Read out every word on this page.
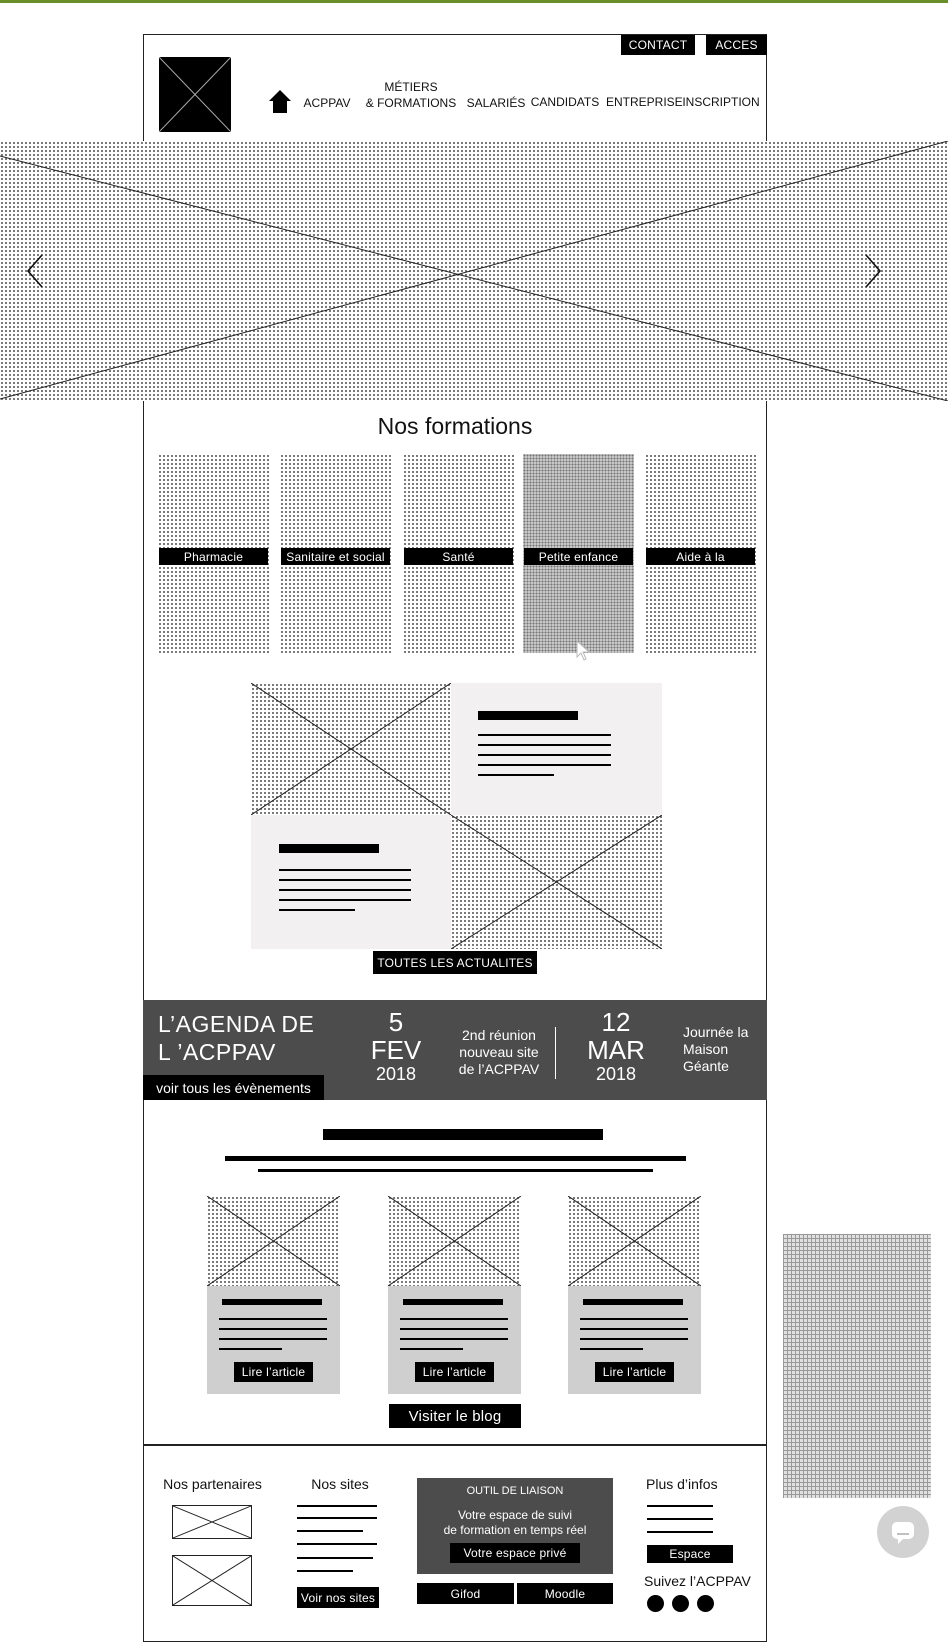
CONTACT	ACCES
ACPPAV
MÉTIERS
& FORMATIONS SALARIÉS CANDIDATS ENTREPRISE INSCRIPTION
Nos formations
Pharmacie	Sanitaire et social	Santé	Petite enfance	Aide à la
TOUTES LES ACTUALITES
L’AGENDA DE
L ’ACPPAV
voir tous les évènements
5
FEV
2018
2nd réunion
nouveau site
de l’ACPPAV
12
MAR
2018
Journée la
Maison
Géante
Lire l’article	Lire l’article	Lire l’article
Visiter le blog
Nos partenaires	Nos sites
Voir nos sites
OUTIL DE LIAISON
Votre espace de suivi
de formation en temps réel
Votre espace privé
Gifod	Moodle
Plus d’infos
Espace
Suivez l’ACPPAV
